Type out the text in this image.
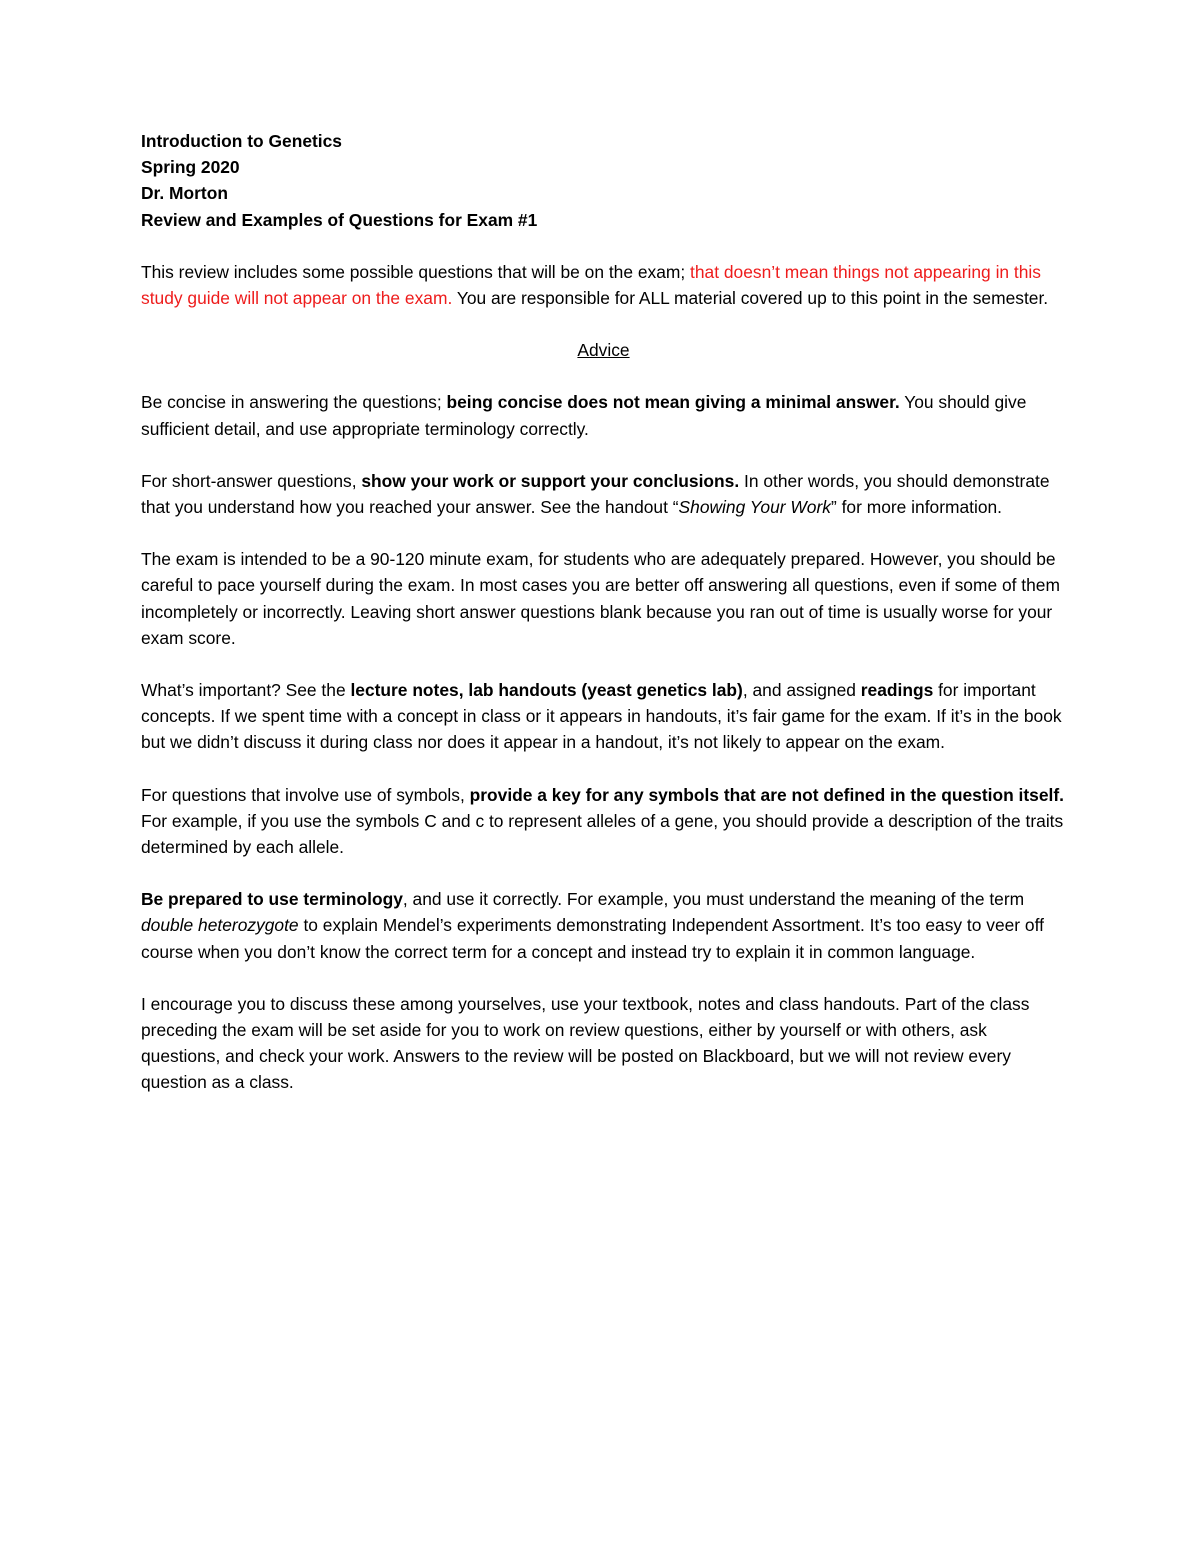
Introduction to Genetics
Spring 2020
Dr. Morton
Review and Examples of Questions for Exam #1

This review includes some possible questions that will be on the exam; that doesn’t mean things not appearing in this study guide will not appear on the exam. You are responsible for ALL material covered up to this point in the semester.

Advice

Be concise in answering the questions; being concise does not mean giving a minimal answer. You should give sufficient detail, and use appropriate terminology correctly.

For short-answer questions, show your work or support your conclusions. In other words, you should demonstrate that you understand how you reached your answer. See the handout “Showing Your Work” for more information.

The exam is intended to be a 90-120 minute exam, for students who are adequately prepared. However, you should be careful to pace yourself during the exam. In most cases you are better off answering all questions, even if some of them incompletely or incorrectly. Leaving short answer questions blank because you ran out of time is usually worse for your exam score.

What’s important? See the lecture notes, lab handouts (yeast genetics lab), and assigned readings for important concepts. If we spent time with a concept in class or it appears in handouts, it’s fair game for the exam. If it’s in the book but we didn’t discuss it during class nor does it appear in a handout, it’s not likely to appear on the exam.

For questions that involve use of symbols, provide a key for any symbols that are not defined in the question itself. For example, if you use the symbols C and c to represent alleles of a gene, you should provide a description of the traits determined by each allele.

Be prepared to use terminology, and use it correctly. For example, you must understand the meaning of the term double heterozygote to explain Mendel’s experiments demonstrating Independent Assortment. It’s too easy to veer off course when you don’t know the correct term for a concept and instead try to explain it in common language.

I encourage you to discuss these among yourselves, use your textbook, notes and class handouts. Part of the class preceding the exam will be set aside for you to work on review questions, either by yourself or with others, ask questions, and check your work. Answers to the review will be posted on Blackboard, but we will not review every question as a class.
